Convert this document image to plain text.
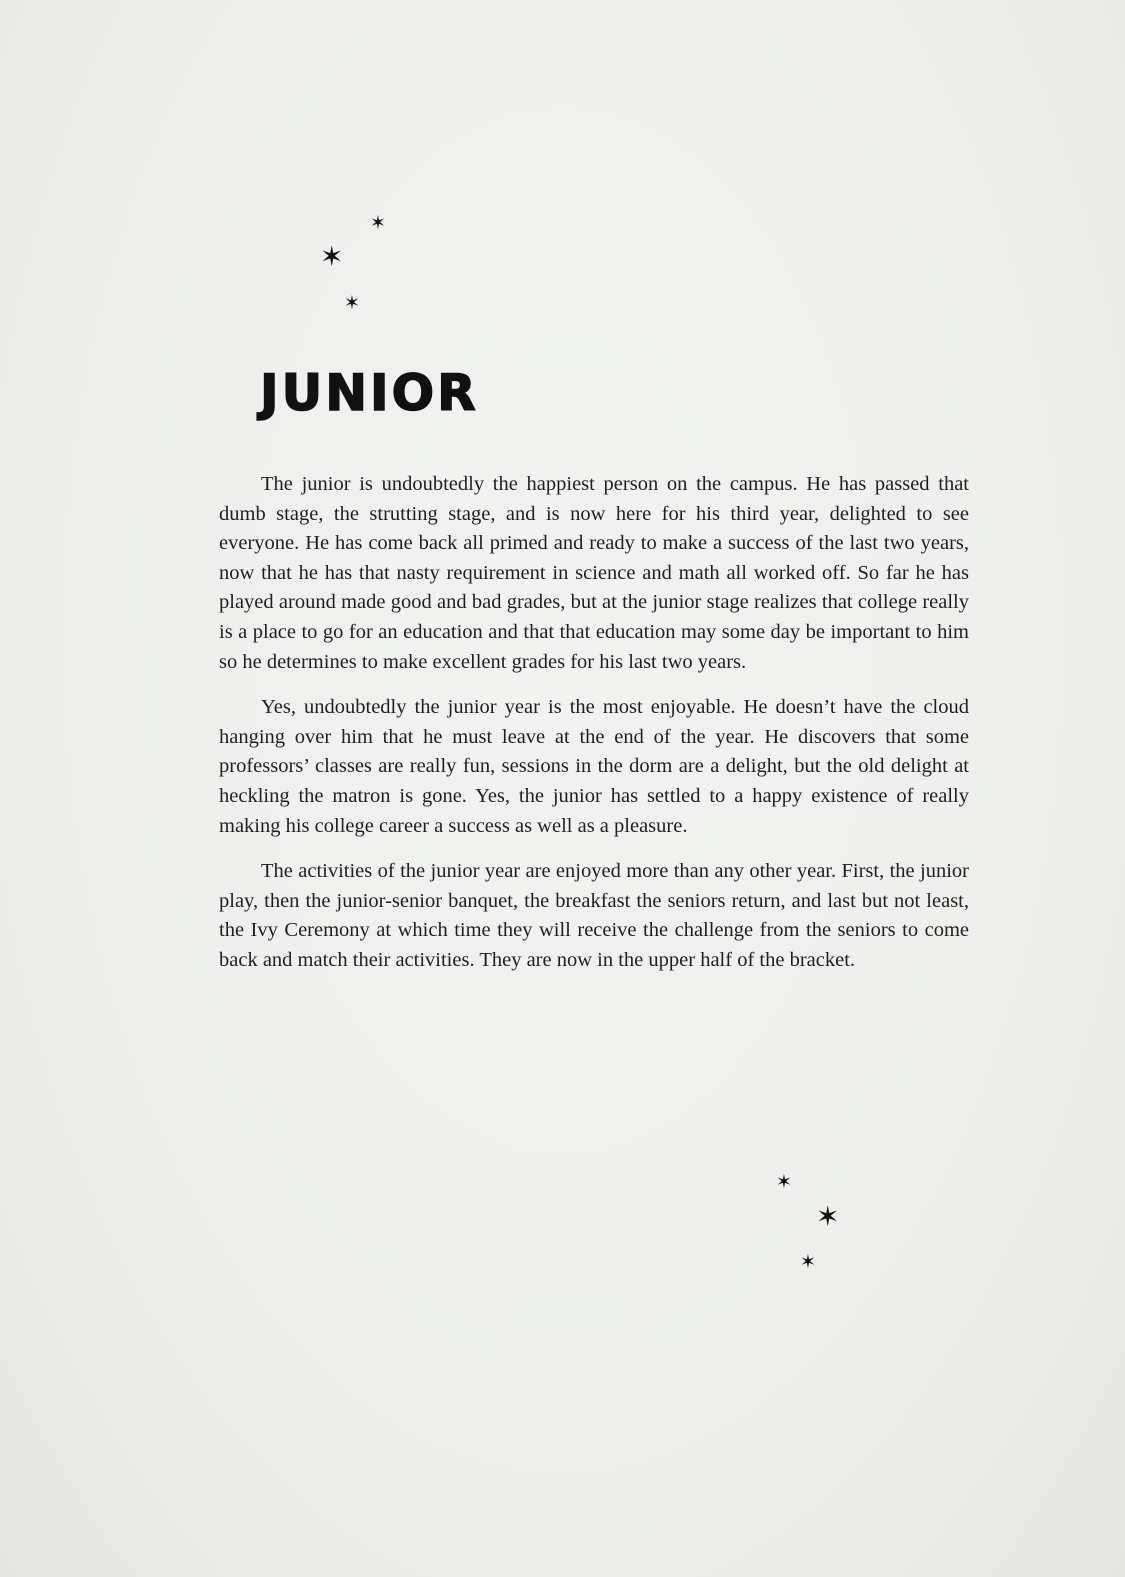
✶
✶
✶
JUNIOR

The junior is undoubtedly the happiest person on the campus. He has passed that dumb stage, the strutting stage, and is now here for his third year, delighted to see everyone. He has come back all primed and ready to make a success of the last two years, now that he has that nasty requirement in science and math all worked off. So far he has played around made good and bad grades, but at the junior stage realizes that college really is a place to go for an education and that that education may some day be important to him so he determines to make excellent grades for his last two years.

Yes, undoubtedly the junior year is the most enjoyable. He doesn’t have the cloud hanging over him that he must leave at the end of the year. He discovers that some professors’ classes are really fun, sessions in the dorm are a delight, but the old delight at heckling the matron is gone. Yes, the junior has settled to a happy existence of really making his college career a success as well as a pleasure.

The activities of the junior year are enjoyed more than any other year. First, the junior play, then the junior-senior banquet, the breakfast the seniors return, and last but not least, the Ivy Ceremony at which time they will receive the challenge from the seniors to come back and match their activities. They are now in the upper half of the bracket.

✶
✶
✶
